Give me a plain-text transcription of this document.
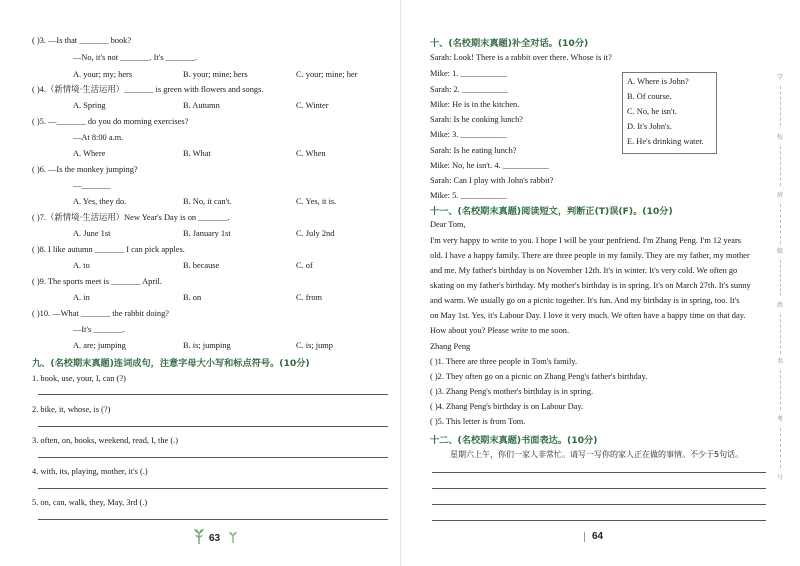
( )3. —Is that _______ book?
—No, it's not _______. It's _______.
A. your; my; hers	B. your; mine; hers	C. your; mine; her
( )4.（新情境·生活运用）_______ is green with flowers and songs.
A. Spring	B. Autumn	C. Winter
( )5. —_______ do you do morning exercises?
—At 8:00 a.m.
A. Where	B. What	C. When
( )6. —Is the monkey jumping?
—_______
A. Yes, they do.	B. No, it can't.	C. Yes, it is.
( )7.（新情境·生活运用）New Year's Day is on _______.
A. June 1st	B. January 1st	C. July 2nd
( )8. I like autumn _______ I can pick apples.
A. to	B. because	C. of
( )9. The sports meet is _______ April.
A. in	B. on	C. from
( )10. —What _______ the rabbit doing?
—It's _______.
A. are; jumping	B. is; jumping	C. is; jump
九、(名校期末真题)连词成句，注意字母大小写和标点符号。(10分)
1. book, use, your, I, can (?)
2. bike, it, whose, is (?)
3. often, on, books, weekend, read, I, the (.)
4. with, its, playing, mother, it's (.)
5. on, can, walk, they, May, 3rd (.)
63
十、(名校期末真题)补全对话。(10分)
Sarah: Look! There is a rabbit over there. Whose is it?
Mike: 1. ___________
Sarah: 2. ___________
Mike: He is in the kitchen.
Sarah: Is he cooking lunch?
Mike: 3. ___________
Sarah: Is he eating lunch?
Mike: No, he isn't. 4. ___________
Sarah: Can I play with John's rabbit?
Mike: 5. ___________
A. Where is John?
B. Of course.
C. No, he isn't.
D. It's John's.
E. He's drinking water.
十一、(名校期末真题)阅读短文，判断正(T)误(F)。(10分)
Dear Tom,
I'm very happy to write to you. I hope I will be your penfriend. I'm Zhang Peng. I'm 12 years
old. I have a happy family. There are three people in my family. They are my father, my mother
and me. My father's birthday is on November 12th. It's in winter. It's very cold. We often go
skating on my father's birthday. My mother's birthday is in spring. It's on March 27th. It's sunny
and warm. We usually go on a picnic together. It's fun. And my birthday is in spring, too. It's
on May 1st. Yes, it's Labour Day. I love it very much. We often have a happy time on that day.
How about you? Please write to me soon.
Zhang Peng
( )1. There are three people in Tom's family.
( )2. They often go on a picnic on Zhang Peng's father's birthday.
( )3. Zhang Peng's mother's birthday is in spring.
( )4. Zhang Peng's birthday is on Labour Day.
( )5. This letter is from Tom.
十二、(名校期末真题)书面表达。(10分)
星期六上午，你们一家人非常忙。请写一写你的家人正在做的事情。不少于5句话。
64
学
校
班
级
姓
名
考
号
